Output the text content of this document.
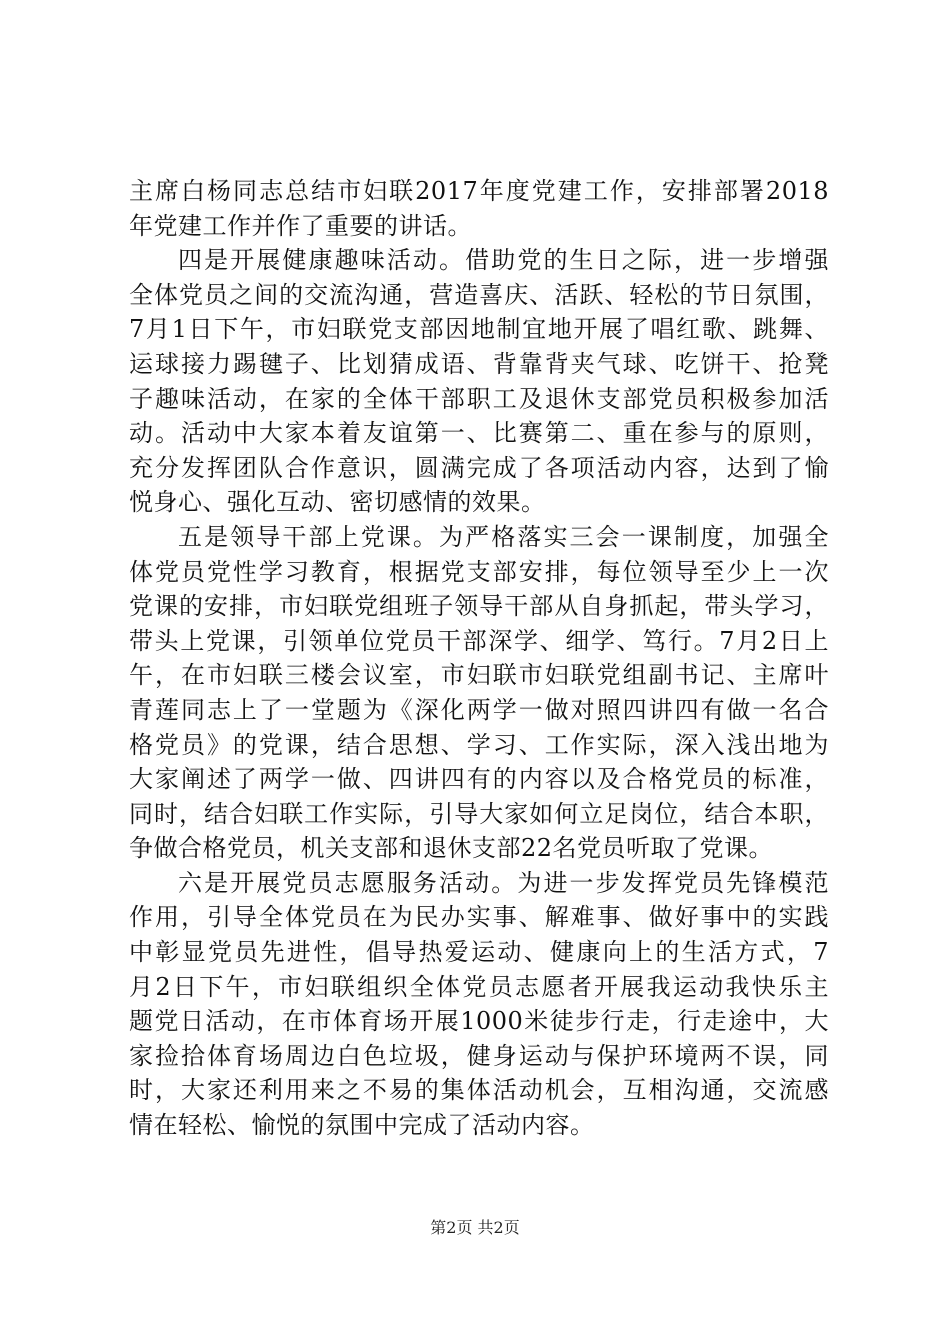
主席白杨同志总结市妇联2017年度党建工作，安排部署2018
年党建工作并作了重要的讲话。
四是开展健康趣味活动。借助党的生日之际，进一步增强
全体党员之间的交流沟通，营造喜庆、活跃、轻松的节日氛围，
7月1日下午，市妇联党支部因地制宜地开展了唱红歌、跳舞、
运球接力踢毽子、比划猜成语、背靠背夹气球、吃饼干、抢凳
子趣味活动，在家的全体干部职工及退休支部党员积极参加活
动。活动中大家本着友谊第一、比赛第二、重在参与的原则，
充分发挥团队合作意识，圆满完成了各项活动内容，达到了愉
悦身心、强化互动、密切感情的效果。
五是领导干部上党课。为严格落实三会一课制度，加强全
体党员党性学习教育，根据党支部安排，每位领导至少上一次
党课的安排，市妇联党组班子领导干部从自身抓起，带头学习，
带头上党课，引领单位党员干部深学、细学、笃行。7月2日上
午，在市妇联三楼会议室，市妇联市妇联党组副书记、主席叶
青莲同志上了一堂题为《深化两学一做对照四讲四有做一名合
格党员》的党课，结合思想、学习、工作实际，深入浅出地为
大家阐述了两学一做、四讲四有的内容以及合格党员的标准，
同时，结合妇联工作实际，引导大家如何立足岗位，结合本职，
争做合格党员，机关支部和退休支部22名党员听取了党课。
六是开展党员志愿服务活动。为进一步发挥党员先锋模范
作用，引导全体党员在为民办实事、解难事、做好事中的实践
中彰显党员先进性，倡导热爱运动、健康向上的生活方式，7
月2日下午，市妇联组织全体党员志愿者开展我运动我快乐主
题党日活动，在市体育场开展1000米徒步行走，行走途中，大
家捡拾体育场周边白色垃圾，健身运动与保护环境两不误，同
时，大家还利用来之不易的集体活动机会，互相沟通，交流感
情在轻松、愉悦的氛围中完成了活动内容。
第2页 共2页
